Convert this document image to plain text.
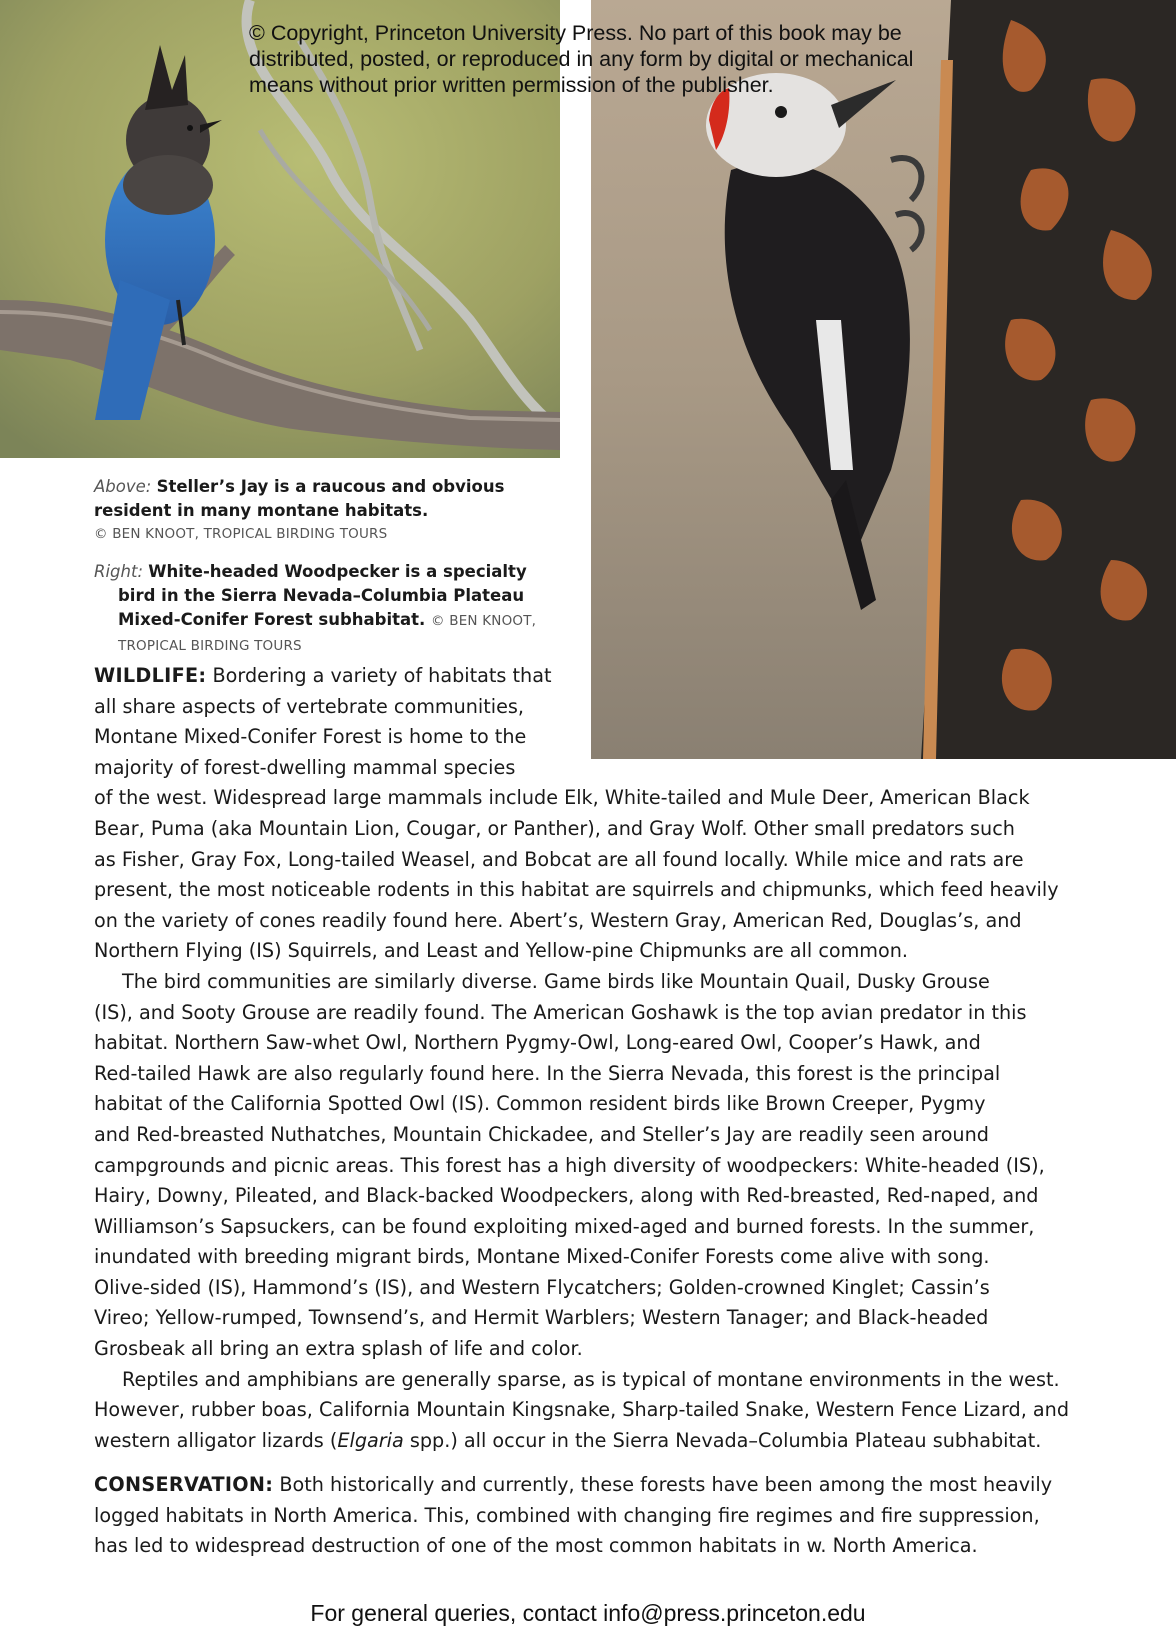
© Copyright, Princeton University Press. No part of this book may be
distributed, posted, or reproduced in any form by digital or mechanical
means without prior written permission of the publisher.
Above: Steller’s Jay is a raucous and obvious resident in many montane habitats.
© BEN KNOOT, TROPICAL BIRDING TOURS
Right: White-headed Woodpecker is a specialty bird in the Sierra Nevada–Columbia Plateau Mixed-Conifer Forest subhabitat. © BEN KNOOT, TROPICAL BIRDING TOURS
WILDLIFE: Bordering a variety of habitats that
all share aspects of vertebrate communities,
Montane Mixed-Conifer Forest is home to the
majority of forest-dwelling mammal species
of the west. Widespread large mammals include Elk, White-tailed and Mule Deer, American Black
Bear, Puma (aka Mountain Lion, Cougar, or Panther), and Gray Wolf. Other small predators such
as Fisher, Gray Fox, Long-tailed Weasel, and Bobcat are all found locally. While mice and rats are
present, the most noticeable rodents in this habitat are squirrels and chipmunks, which feed heavily
on the variety of cones readily found here. Abert’s, Western Gray, American Red, Douglas’s, and
Northern Flying (IS) Squirrels, and Least and Yellow-pine Chipmunks are all common.
The bird communities are similarly diverse. Game birds like Mountain Quail, Dusky Grouse
(IS), and Sooty Grouse are readily found. The American Goshawk is the top avian predator in this
habitat. Northern Saw-whet Owl, Northern Pygmy-Owl, Long-eared Owl, Cooper’s Hawk, and
Red-tailed Hawk are also regularly found here. In the Sierra Nevada, this forest is the principal
habitat of the California Spotted Owl (IS). Common resident birds like Brown Creeper, Pygmy
and Red-breasted Nuthatches, Mountain Chickadee, and Steller’s Jay are readily seen around
campgrounds and picnic areas. This forest has a high diversity of woodpeckers: White-headed (IS),
Hairy, Downy, Pileated, and Black-backed Woodpeckers, along with Red-breasted, Red-naped, and
Williamson’s Sapsuckers, can be found exploiting mixed-aged and burned forests. In the summer,
inundated with breeding migrant birds, Montane Mixed-Conifer Forests come alive with song.
Olive-sided (IS), Hammond’s (IS), and Western Flycatchers; Golden-crowned Kinglet; Cassin’s
Vireo; Yellow-rumped, Townsend’s, and Hermit Warblers; Western Tanager; and Black-headed
Grosbeak all bring an extra splash of life and color.
Reptiles and amphibians are generally sparse, as is typical of montane environments in the west.
However, rubber boas, California Mountain Kingsnake, Sharp-tailed Snake, Western Fence Lizard, and
western alligator lizards (Elgaria spp.) all occur in the Sierra Nevada–Columbia Plateau subhabitat.
CONSERVATION: Both historically and currently, these forests have been among the most heavily
logged habitats in North America. This, combined with changing fire regimes and fire suppression,
has led to widespread destruction of one of the most common habitats in w. North America.
For general queries, contact info@press.princeton.edu
